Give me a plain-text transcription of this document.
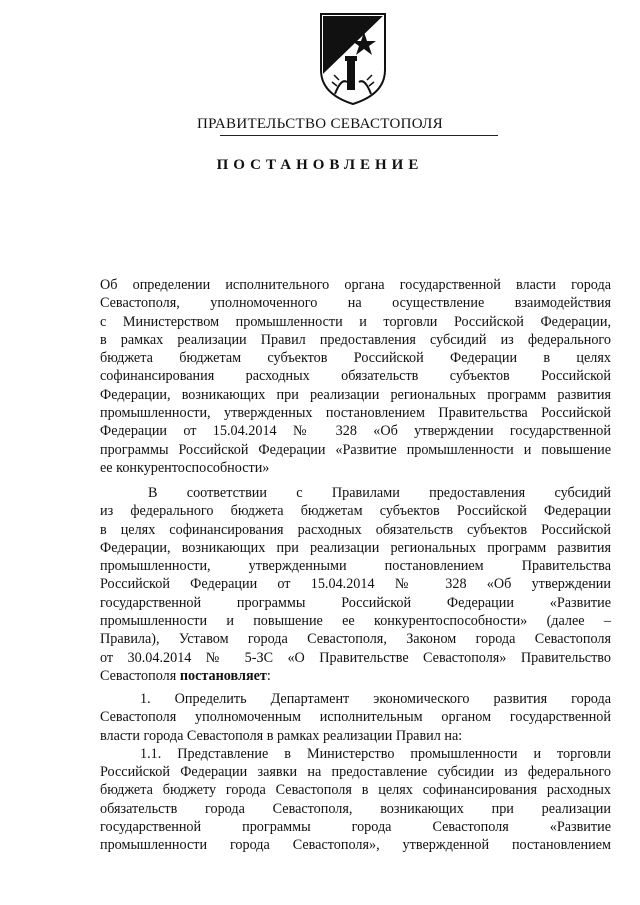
ПРАВИТЕЛЬСТВО СЕВАСТОПОЛЯ
ПОСТАНОВЛЕНИЕ
Об определении исполнительного органа государственной власти города
Севастополя, уполномоченного на осуществление взаимодействия
с Министерством промышленности и торговли Российской Федерации,
в рамках реализации Правил предоставления субсидий из федерального
бюджета бюджетам субъектов Российской Федерации в целях
софинансирования расходных обязательств субъектов Российской
Федерации, возникающих при реализации региональных программ развития
промышленности, утвержденных постановлением Правительства Российской
Федерации от 15.04.2014 № 328 «Об утверждении государственной
программы Российской Федерации «Развитие промышленности и повышение
ее конкурентоспособности»
В соответствии с Правилами предоставления субсидий
из федерального бюджета бюджетам субъектов Российской Федерации
в целях софинансирования расходных обязательств субъектов Российской
Федерации, возникающих при реализации региональных программ развития
промышленности, утвержденными постановлением Правительства
Российской Федерации от 15.04.2014 № 328 «Об утверждении
государственной программы Российской Федерации «Развитие
промышленности и повышение ее конкурентоспособности» (далее –
Правила), Уставом города Севастополя, Законом города Севастополя
от 30.04.2014 № 5-ЗС «О Правительстве Севастополя» Правительство
Севастополя постановляет:
1. Определить Департамент экономического развития города
Севастополя уполномоченным исполнительным органом государственной
власти города Севастополя в рамках реализации Правил на:
1.1. Представление в Министерство промышленности и торговли
Российской Федерации заявки на предоставление субсидии из федерального
бюджета бюджету города Севастополя в целях софинансирования расходных
обязательств города Севастополя, возникающих при реализации
государственной программы города Севастополя «Развитие
промышленности города Севастополя», утвержденной постановлением
